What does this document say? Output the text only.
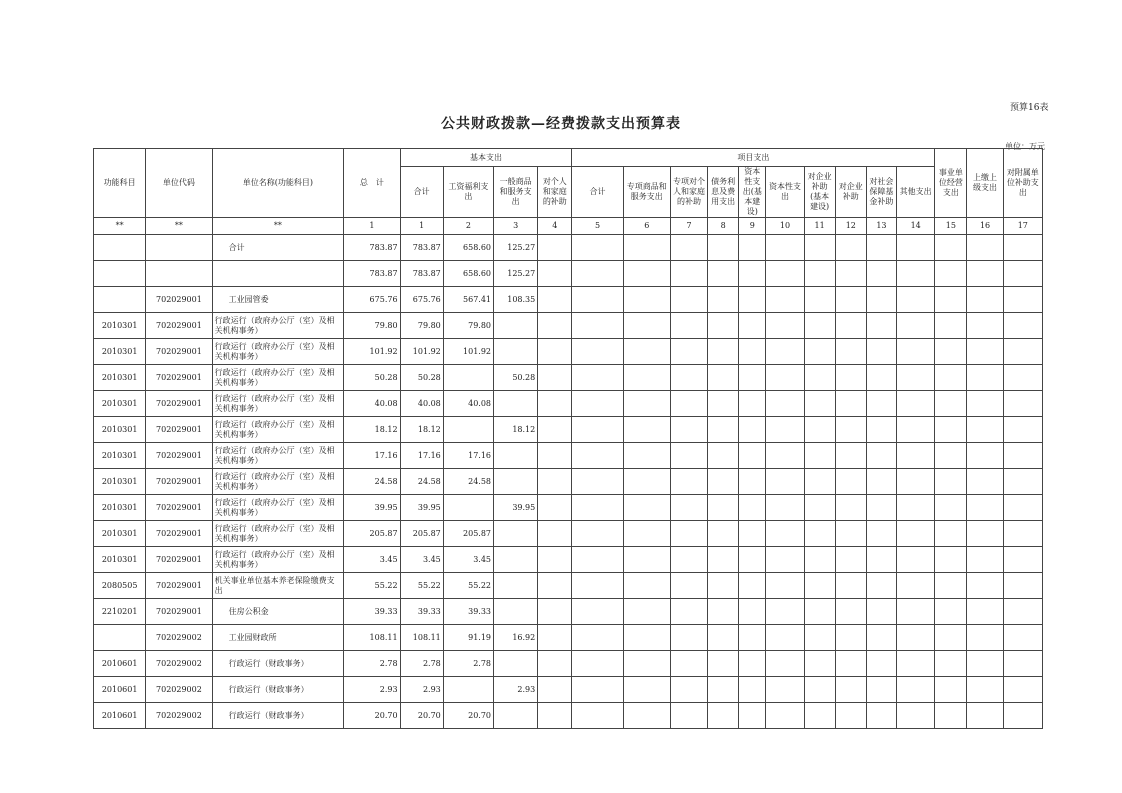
预算16表
公共财政拨款—经费拨款支出预算表
单位：万元
功能科目	单位代码	单位名称(功能科目)	总　计	基本支出				项目支出										事业单位经营支出	上缴上级支出	对附属单位补助支出
				合计	工资福利支出	一般商品和服务支出	对个人和家庭的补助	合计	专项商品和服务支出	专项对个人和家庭的补助	债务利息及费用支出	资本性支出(基本建设)	资本性支出	对企业补助(基本建设)	对企业补助	对社会保障基金补助	其他支出			
**	**	**	1	1	2	3	4	5	6	7	8	9	10	11	12	13	14	15	16	17
		合计	783.87	783.87	658.60	125.27														
			783.87	783.87	658.60	125.27														
	702029001	工业园管委	675.76	675.76	567.41	108.35														
2010301	702029001	行政运行（政府办公厅（室）及相关机构事务）	79.80	79.80	79.80															
2010301	702029001	行政运行（政府办公厅（室）及相关机构事务）	101.92	101.92	101.92															
2010301	702029001	行政运行（政府办公厅（室）及相关机构事务）	50.28	50.28		50.28														
2010301	702029001	行政运行（政府办公厅（室）及相关机构事务）	40.08	40.08	40.08															
2010301	702029001	行政运行（政府办公厅（室）及相关机构事务）	18.12	18.12		18.12														
2010301	702029001	行政运行（政府办公厅（室）及相关机构事务）	17.16	17.16	17.16															
2010301	702029001	行政运行（政府办公厅（室）及相关机构事务）	24.58	24.58	24.58															
2010301	702029001	行政运行（政府办公厅（室）及相关机构事务）	39.95	39.95		39.95														
2010301	702029001	行政运行（政府办公厅（室）及相关机构事务）	205.87	205.87	205.87															
2010301	702029001	行政运行（政府办公厅（室）及相关机构事务）	3.45	3.45	3.45															
2080505	702029001	机关事业单位基本养老保险缴费支出	55.22	55.22	55.22															
2210201	702029001	住房公积金	39.33	39.33	39.33															
	702029002	工业园财政所	108.11	108.11	91.19	16.92														
2010601	702029002	行政运行（财政事务）	2.78	2.78	2.78															
2010601	702029002	行政运行（财政事务）	2.93	2.93		2.93														
2010601	702029002	行政运行（财政事务）	20.70	20.70	20.70															
